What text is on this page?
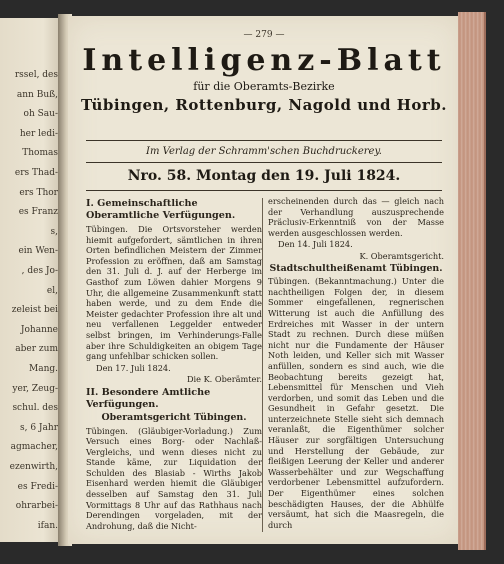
rssel, des
ann Buß,
oh Sau-
her ledi-
Thomas
ers Thad-
ers Thor
es Franz
s,
ein Wen-
, des Jo-
el,
zeleist bei
Johanne
aber zum
Mang.
yer, Zeug-
schul. des
s, 6 Jahr
agmacher,
ezenwirth,
es Fredi-
ohrarbei-
ifan.
— 279 —
Intelligenz-Blatt
für die Oberamts-Bezirke
Tübingen, Rottenburg, Nagold und Horb.
Im Verlag der Schramm'schen Buchdruckerey.
Nro. 58. Montag den 19. Juli 1824.
I. Gemeinschaftliche Oberamtliche Verfügungen.

Tübingen. Die Ortsvorsteher werden hiemit aufgefordert, sämtlichen in ihren Orten befindlichen Meistern der Zimmer Profession zu eröffnen, daß am Samstag den 31. Juli d. J. auf der Herberge im Gasthof zum Löwen dahier Morgens 9 Uhr, die allgemeine Zusammenkunft statt haben werde, und zu dem Ende die Meister gedachter Profession ihre alt und neu verfallenen Leggelder entweder selbst bringen, im Verhinderungs-Falle aber ihre Schuldigkeiten an obigem Tage gang unfehlbar schicken sollen.

Den 17. Juli 1824.
Die K. Oberämter.
II. Besondere Amtliche Verfügungen.
Oberamtsgericht Tübingen.

Tübingen. (Gläubiger-Vorladung.) Zum Versuch eines Borg- oder Nachlaß-Vergleichs, und wenn dieses nicht zu Stande käme, zur Liquidation der Schulden des Blasiab - Wirths Jakob Eisenhard werden hiemit die Gläubiger desselben auf Samstag den 31. Juli Vormittags 8 Uhr auf das Rathhaus nach Derendingen vorgeladen, mit der Androhung, daß die Nicht-

erscheinenden durch das — gleich nach der Verhandlung auszusprechende Präclusiv-Erkenntniß von der Masse werden ausgeschlossen werden.

Den 14. Juli 1824.
K. Oberamtsgericht.
Stadtschultheißenamt Tübingen.

Tübingen. (Bekanntmachung.) Unter die nachtheiligen Folgen der, in diesem Sommer eingefallenen, regnerischen Witterung ist auch die Anfüllung des Erdreiches mit Wasser in der untern Stadt zu rechnen. Durch diese müßen nicht nur die Fundamente der Häuser Noth leiden, und Keller sich mit Wasser anfüllen, sondern es sind auch, wie die Beobachtung bereits gezeigt hat, Lebensmittel für Menschen und Vieh verdorben, und somit das Leben und die Gesundheit in Gefahr gesetzt. Die unterzeichnete Stelle sieht sich demnach veranlaßt, die Eigenthümer solcher Häuser zur sorgfältigen Untersuchung und Herstellung der Gebäude, zur fleißigen Leerung der Keller und anderer Wasserbehälter und zur Wegschaffung verdorbener Lebensmittel aufzufordern. Der Eigenthümer eines solchen beschädigten Hauses, der die Abhülfe versäumt, hat sich die Maasregeln, die durch
